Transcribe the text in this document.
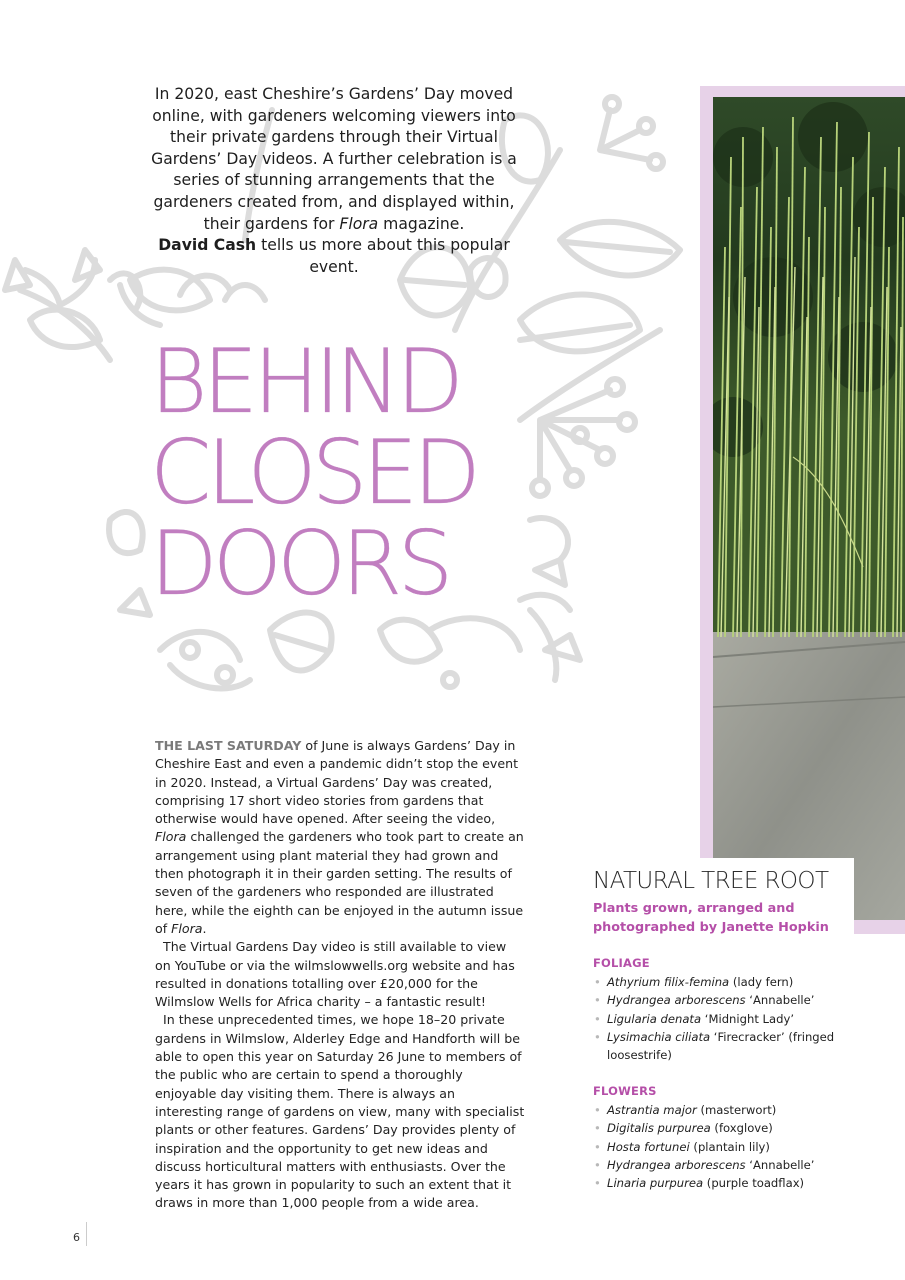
In 2020, east Cheshire’s Gardens’ Day moved online, with gardeners welcoming viewers into their private gardens through their Virtual Gardens’ Day videos. A further celebration is a series of stunning arrangements that the gardeners created from, and displayed within, their gardens for Flora magazine.
David Cash tells us more about this popular event.
BEHIND
CLOSED
DOORS

THE LAST SATURDAY of June is always Gardens’ Day in Cheshire East and even a pandemic didn’t stop the event in 2020. Instead, a Virtual Gardens’ Day was created, comprising 17 short video stories from gardens that otherwise would have opened. After seeing the video, Flora challenged the gardeners who took part to create an arrangement using plant material they had grown and then photograph it in their garden setting. The results of seven of the gardeners who responded are illustrated here, while the eighth can be enjoyed in the autumn issue of Flora.

The Virtual Gardens Day video is still available to view on YouTube or via the wilmslowwells.org website and has resulted in donations totalling over £20,000 for the Wilmslow Wells for Africa charity – a fantastic result!

In these unprecedented times, we hope 18–20 private gardens in Wilmslow, Alderley Edge and Handforth will be able to open this year on Saturday 26 June to members of the public who are certain to spend a thoroughly enjoyable day visiting them. There is always an interesting range of gardens on view, many with specialist plants or other features. Gardens’ Day provides plenty of inspiration and the opportunity to get new ideas and discuss horticultural matters with enthusiasts. Over the years it has grown in popularity to such an extent that it draws in more than 1,000 people from a wide area.

NATURAL TREE ROOT
Plants grown, arranged and photographed by Janette Hopkin
FOLIAGE
• Athyrium filix-femina (lady fern)
• Hydrangea arborescens ‘Annabelle’
• Ligularia denata ‘Midnight Lady’
• Lysimachia ciliata ‘Firecracker’ (fringed loosestrife)
FLOWERS
• Astrantia major (masterwort)
• Digitalis purpurea (foxglove)
• Hosta fortunei (plantain lily)
• Hydrangea arborescens ‘Annabelle’
• Linaria purpurea (purple toadflax)
6
